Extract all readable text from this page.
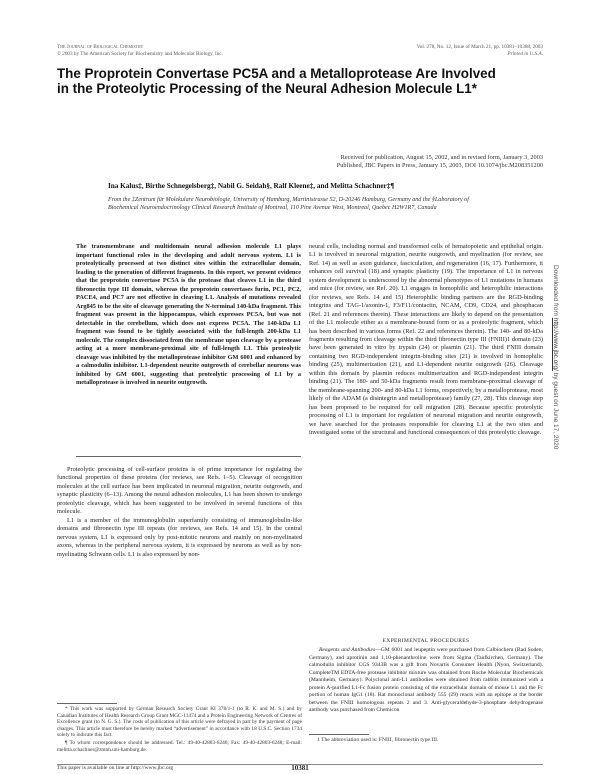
The Journal of Biological Chemistry
© 2003 by The American Society for Biochemistry and Molecular Biology, Inc.
Vol. 278, No. 12, Issue of March 21, pp. 10381–10388, 2003
Printed in U.S.A.
The Proprotein Convertase PC5A and a Metalloprotease Are Involved in the Proteolytic Processing of the Neural Adhesion Molecule L1*
Received for publication, August 15, 2002, and in revised form, January 3, 2003
Published, JBC Papers in Press, January 15, 2003, DOI 10.1074/jbc.M208351200
Ina Kalus‡, Birthe Schnegelsberg‡, Nabil G. Seidah§, Ralf Kleene‡, and Melitta Schachner‡¶
From the ‡Zentrum für Molekulare Neurobiologie, University of Hamburg, Martinistrasse 52, D-20246 Hamburg, Germany and the §Laboratory of Biochemical Neuroendocrinology Clinical Research Institute of Montreal, 110 Pine Avenue West, Montreal, Quebec H2W1R7, Canada
The transmembrane and multidomain neural adhesion molecule L1 plays important functional roles in the developing and adult nervous system. L1 is proteolytically processed at two distinct sites within the extracellular domain, leading to the generation of different fragments. In this report, we present evidence that the proprotein convertase PC5A is the protease that cleaves L1 in the third fibronectin type III domain, whereas the proprotein convertases furin, PC1, PC2, PACE4, and PC7 are not effective in cleaving L1. Analysis of mutations revealed Arg845 to be the site of cleavage generating the N-terminal 140-kDa fragment. This fragment was present in the hippocampus, which expresses PC5A, but was not detectable in the cerebellum, which does not express PC5A. The 140-kDa L1 fragment was found to be tightly associated with the full-length 200-kDa L1 molecule. The complex dissociated from the membrane upon cleavage by a protease acting at a more membrane-proximal site of full-length L1. This proteolytic cleavage was inhibited by the metalloprotease inhibitor GM 6001 and enhanced by a calmodulin inhibitor. L1-dependent neurite outgrowth of cerebellar neurons was inhibited by GM 6001, suggesting that proteolytic processing of L1 by a metalloprotease is involved in neurite outgrowth.

Proteolytic processing of cell-surface proteins is of prime importance for regulating the functional properties of these proteins (for reviews, see Refs. 1–5). Cleavage of recognition molecules at the cell surface has been implicated in neuronal migration, neurite outgrowth, and synaptic plasticity (6–13). Among the neural adhesion molecules, L1 has been shown to undergo proteolytic cleavage, which has been suggested to be involved in several functions of this molecule.

L1 is a member of the immunoglobulin superfamily consisting of immunoglobulin-like domains and fibronectin type III repeats (for reviews, see Refs. 14 and 15). In the central nervous system, L1 is expressed only by post-mitotic neurons and mainly on non-myelinated axons, whereas in the peripheral nervous system, it is expressed by neurons as well as by non-myelinating Schwann cells. L1 is also expressed by non-

neural cells, including normal and transformed cells of hematopoietic and epithelial origin. L1 is involved in neuronal migration, neurite outgrowth, and myelination (for review, see Ref. 14) as well as axon guidance, fasciculation, and regeneration (16, 17). Furthermore, it enhances cell survival (18) and synaptic plasticity (19). The importance of L1 in nervous system development is underscored by the abnormal phenotypes of L1 mutations in humans and mice (for review, see Ref. 20). L1 engages in homophilic and heterophilic interactions (for reviews, see Refs. 14 and 15) Heterophilic binding partners are the RGD-binding integrins and TAG-1/axonin-1, F3/F11/contactin, NCAM, CD9, CD24, and phosphacan (Ref. 21 and references therein). These interactions are likely to depend on the presentation of the L1 molecule either as a membrane-bound form or as a proteolytic fragment, which has been described in various forms (Ref. 22 and references therein). The 140- and 80-kDa fragments resulting from cleavage within the third fibronectin type III (FNIII)1 domain (23) have been generated in vitro by trypsin (24) or plasmin (21). The third FNIII domain containing two RGD-independent integrin-binding sites (21) is involved in homophilic binding (25), multimerization (21), and L1-dependent neurite outgrowth (26). Cleavage within this domain by plasmin reduces multimerization and RGD-independent integrin binding (21). The 180- and 50-kDa fragments result from membrane-proximal cleavage of the membrane-spanning 200- and 80-kDa L1 forms, respectively, by a metalloprotease, most likely of the ADAM (a disintegrin and metalloprotease) family (27, 28). This cleavage step has been proposed to be required for cell migration (28). Because specific proteolytic processing of L1 is important for regulation of neuronal migration and neurite outgrowth, we have searched for the proteases responsible for cleaving L1 at the two sites and investigated some of the structural and functional consequences of this proteolytic cleavage.

EXPERIMENTAL PROCEDURES
Reagents and Antibodies—GM 6001 and leupeptin were purchased from Calbiochem (Bad Soden, Germany), and aprotinin and 1,10-phenanthroline were from Sigma (Taufkirchen, Germany). The calmodulin inhibitor CGS 9343B was a gift from Novartis Consumer Health (Nyon, Switzerland). CompleteTM EDTA-free protease inhibitor mixture was obtained from Roche Molecular Biochemicals (Mannheim, Germany). Polyclonal anti-L1 antibodies were obtained from rabbits immunized with a protein A-purified L1-Fc fusion protein consisting of the extracellular domain of mouse L1 and the Fc portion of human IgG1 (18). Rat monoclonal antibody 555 (29) reacts with an epitope at the border between the FNIII homologous repeats 2 and 3. Anti-glyceraldehyde-3-phosphate dehydrogenase antibody was purchased from Chemicon

* This work was supported by German Research Society Grant KI 378/1-1 (to R. K. and M. S.) and by Canadian Institutes of Health Research Group Grant MGC-11474 and a Protein Engineering Network of Centres of Excellence grant (to N. G. S.). The costs of publication of this article were defrayed in part by the payment of page charges. This article must therefore be hereby marked “advertisement” in accordance with 18 U.S.C. Section 1734 solely to indicate this fact.

¶ To whom correspondence should be addressed. Tel.: 49-40-42803-6246; Fax: 49-40-42803-6248; E-mail: melitta.schachner@zmnh.uni-hamburg.de.

1 The abbreviation used is: FNIII, fibronectin type III.
This paper is available on line at http://www.jbc.org	10381
Downloaded from http://www.jbc.org/ by guest on June 17, 2020
